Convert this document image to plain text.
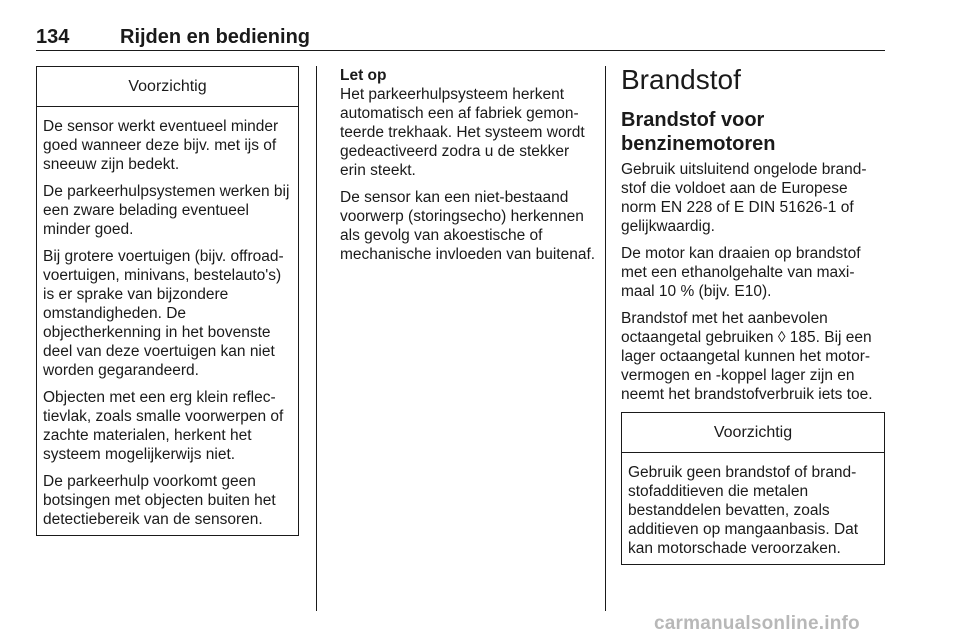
134	Rijden en bediening
Voorzichtig

De sensor werkt eventueel minder goed wanneer deze bijv. met ijs of sneeuw zijn bedekt.

De parkeerhulpsystemen werken bij een zware belading eventueel minder goed.

Bij grotere voertuigen (bijv. offroad-voertuigen, minivans, bestelauto's) is er sprake van bijzondere omstandigheden. De objectherkenning in het bovenste deel van deze voertuigen kan niet worden gegarandeerd.

Objecten met een erg klein reflec-tievlak, zoals smalle voorwerpen of zachte materialen, herkent het systeem mogelijkerwijs niet.

De parkeerhulp voorkomt geen botsingen met objecten buiten het detectiebereik van de sensoren.

Let op

Het parkeerhulpsysteem herkent automatisch een af fabriek gemon-teerde trekhaak. Het systeem wordt gedeactiveerd zodra u de stekker erin steekt.

De sensor kan een niet-bestaand voorwerp (storingsecho) herkennen als gevolg van akoestische of mechanische invloeden van buitenaf.

Brandstof
Brandstof voor benzinemotoren

Gebruik uitsluitend ongelode brand-stof die voldoet aan de Europese norm EN 228 of E DIN 51626-1 of gelijkwaardig.

De motor kan draaien op brandstof met een ethanolgehalte van maxi-maal 10 % (bijv. E10).

Brandstof met het aanbevolen octaangetal gebruiken ◊ 185. Bij een lager octaangetal kunnen het motor-vermogen en -koppel lager zijn en neemt het brandstofverbruik iets toe.

Voorzichtig

Gebruik geen brandstof of brand-stofadditieven die metalen bestanddelen bevatten, zoals additieven op mangaanbasis. Dat kan motorschade veroorzaken.

carmanualsonline.info
